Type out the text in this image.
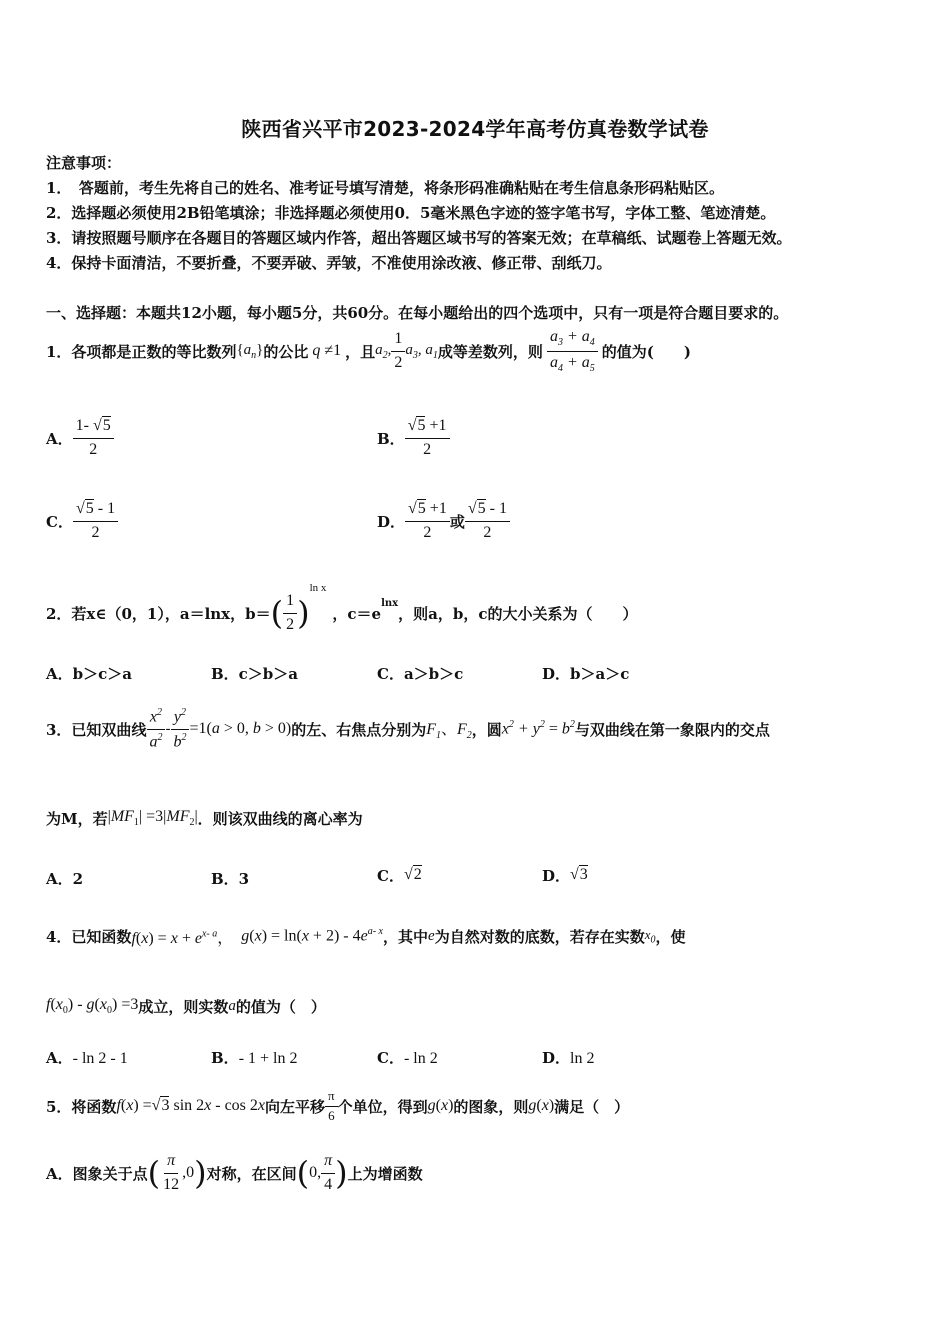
陕西省兴平市2023-2024学年高考仿真卷数学试卷
注意事项：
1．　答题前，考生先将自己的姓名、准考证号填写清楚，将条形码准确粘贴在考生信息条形码粘贴区。
2．选择题必须使用2B铅笔填涂；非选择题必须使用0．5毫米黑色字迹的签字笔书写，字体工整、笔迹清楚。
3．请按照题号顺序在各题目的答题区域内作答，超出答题区域书写的答案无效；在草稿纸、试题卷上答题无效。
4．保持卡面清洁，不要折叠，不要弄破、弄皱，不准使用涂改液、修正带、刮纸刀。
一、选择题：本题共12小题，每小题5分，共60分。在每小题给出的四个选项中，只有一项是符合题目要求的。
1．各项都是正数的等比数列 $\{a_n\}$ 的公比 q ≠1 ，且 $a_2$, $\frac{1}{2} a_3$, $a_1$ 成等差数列，则 $\frac{a_3 + a_4}{a_4 + a_5}$ 的值为(　　)
A． $\frac{1- √5}{2}$	B． $\frac{√5 +1}{2}$
C． $\frac{√5 - 1}{2}$	D． $\frac{√5 +1}{2}$ 或 $\frac{√5 - 1}{2}$
2．若x∈（0，1），a＝lnx，b＝ ( $\frac{1}{2}$ )
ln x
，c＝e
$^{lnx}$
，则a，b，c的大小关系为（　　）
A．b＞c＞a	B．c＞b＞a	C．a＞b＞c	D．b＞a＞c
3．已知双曲线 $\frac{x^2}{a^2} - \frac{y^2}{b^2} =1(a > 0$, b > 0) 的左、右焦点分别为 $F_1$、$F_2$ ，圆 $x^2 + y^2 = b^2$ 与双曲线在第一象限内的交点
为M，若 $|MF_1| =3|MF_2|$ ．则该双曲线的离心率为
A．2	B．3	C． √2	D． √3
4．已知函数 $f(x) = x + e^{x- a}$， $g(x) = \ln(x + 2) - 4e^{a- x}$ ，其中 e 为自然对数的底数，若存在实数 $x_0$ ，使
$f(x_0) - g(x_0) =3$ 成立，则实数 a 的值为（　）
A．- ln 2 - 1	B．- 1 + ln 2	C．- ln 2	D．ln 2
5．将函数 f(x) =√3 sin 2x - cos 2x 向左平移 $\frac{\pi}{6}$ 个单位，得到 g(x) 的图象，则 g(x) 满足（　）
A．图象关于点 ( $\frac{\pi}{12} ,0$ ) 对称，在区间 ( 0, $\frac{\pi}{4}$ ) 上为增函数
